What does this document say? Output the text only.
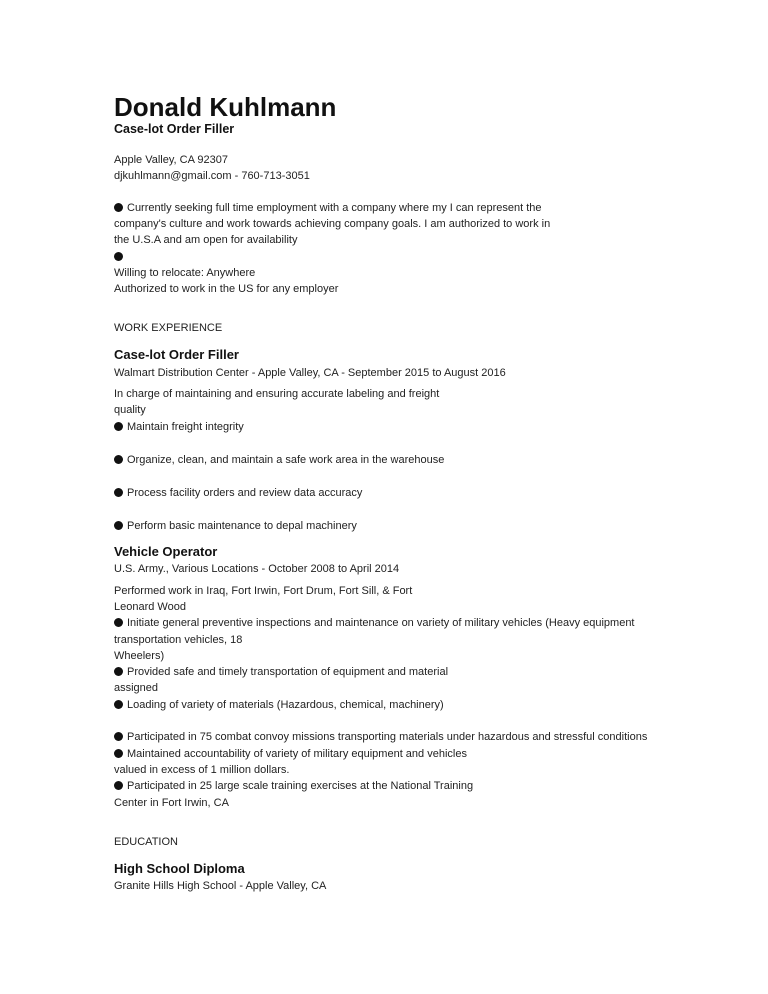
Donald Kuhlmann
Case-lot Order Filler
Apple Valley, CA 92307
djkuhlmann@gmail.com - 760-713-3051
Currently seeking full time employment with a company where my I can represent the
company's culture and work towards achieving company goals. I am authorized to work in
the U.S.A and am open for availability
Willing to relocate: Anywhere
Authorized to work in the US for any employer
WORK EXPERIENCE
Case-lot Order Filler
Walmart Distribution Center - Apple Valley, CA - September 2015 to August 2016
In charge of maintaining and ensuring accurate labeling and freight
quality
Maintain freight integrity
Organize, clean, and maintain a safe work area in the warehouse
Process facility orders and review data accuracy
Perform basic maintenance to depal machinery
Vehicle Operator
U.S. Army., Various Locations - October 2008 to April 2014
Performed work in Iraq, Fort Irwin, Fort Drum, Fort Sill, & Fort
Leonard Wood
Initiate general preventive inspections and maintenance on variety of military vehicles (Heavy equipment
transportation vehicles, 18
Wheelers)
Provided safe and timely transportation of equipment and material
assigned
Loading of variety of materials (Hazardous, chemical, machinery)
Participated in 75 combat convoy missions transporting materials under hazardous and stressful conditions
Maintained accountability of variety of military equipment and vehicles
valued in excess of 1 million dollars.
Participated in 25 large scale training exercises at the National Training
Center in Fort Irwin, CA
EDUCATION
High School Diploma
Granite Hills High School - Apple Valley, CA
